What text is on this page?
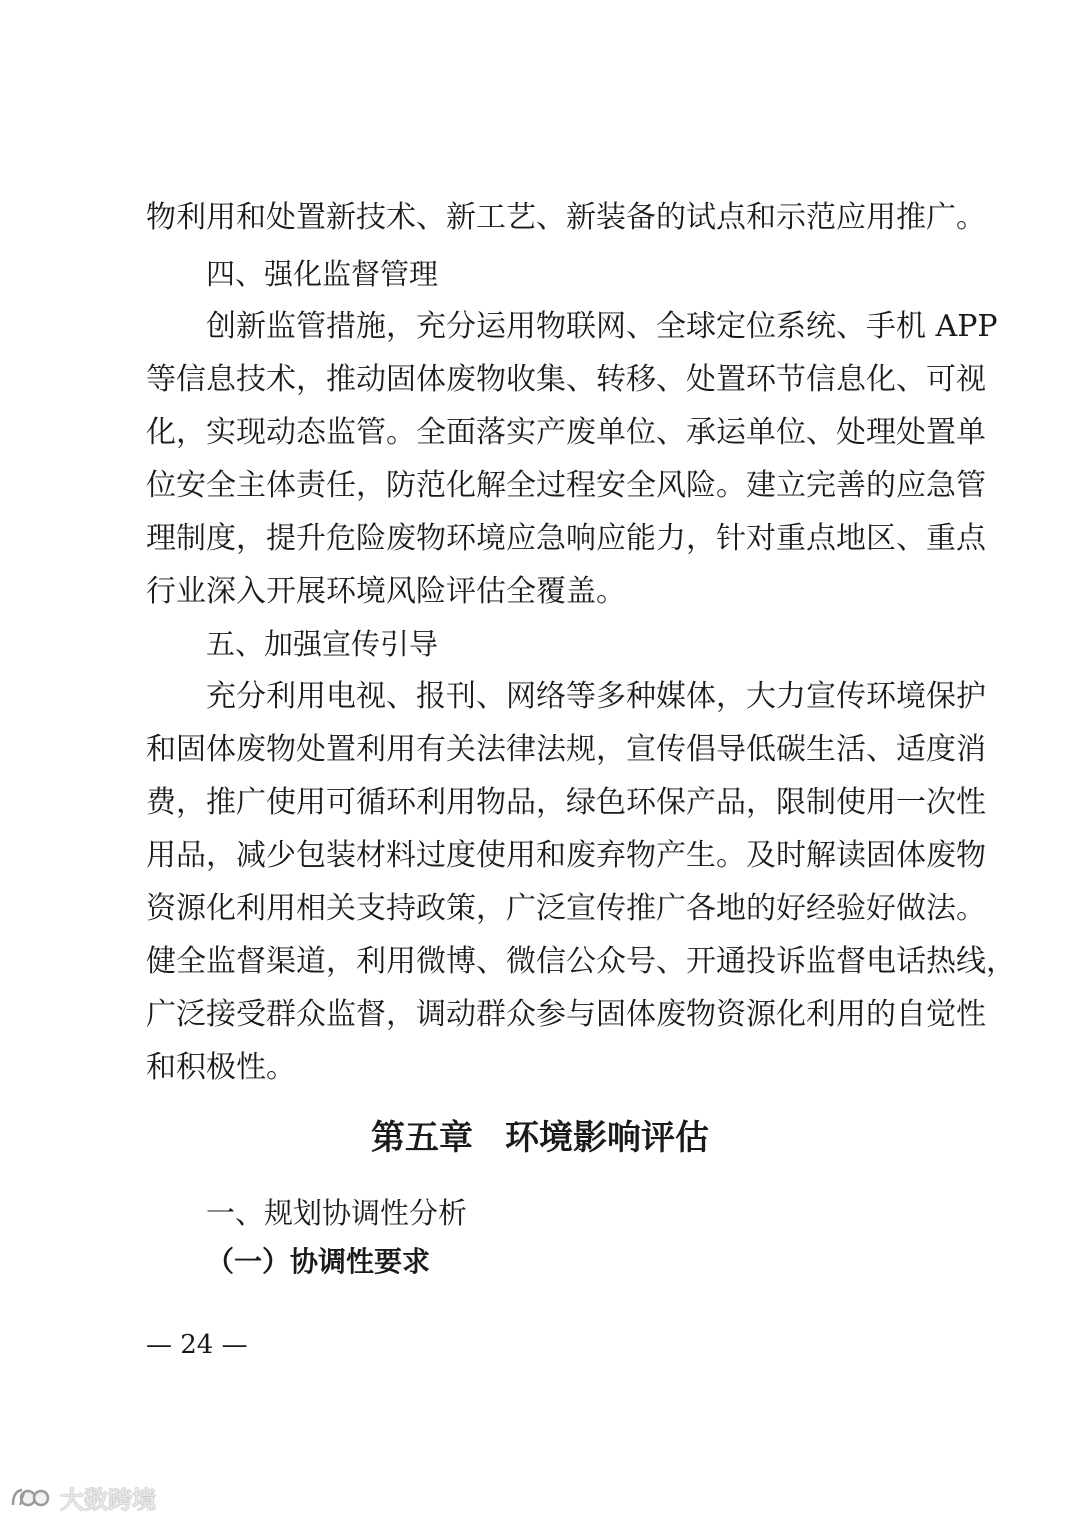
物利用和处置新技术、新工艺、新装备的试点和示范应用推广。
四、强化监督管理
创新监管措施，充分运用物联网、全球定位系统、手机 APP
等信息技术，推动固体废物收集、转移、处置环节信息化、可视
化，实现动态监管。全面落实产废单位、承运单位、处理处置单
位安全主体责任，防范化解全过程安全风险。建立完善的应急管
理制度，提升危险废物环境应急响应能力，针对重点地区、重点
行业深入开展环境风险评估全覆盖。
五、加强宣传引导
充分利用电视、报刊、网络等多种媒体，大力宣传环境保护
和固体废物处置利用有关法律法规，宣传倡导低碳生活、适度消
费，推广使用可循环利用物品，绿色环保产品，限制使用一次性
用品，减少包装材料过度使用和废弃物产生。及时解读固体废物
资源化利用相关支持政策，广泛宣传推广各地的好经验好做法。
健全监督渠道，利用微博、微信公众号、开通投诉监督电话热线，
广泛接受群众监督，调动群众参与固体废物资源化利用的自觉性
和积极性。
第五章 环境影响评估
一、规划协调性分析
（一）协调性要求
— 24 —
大数跨境
